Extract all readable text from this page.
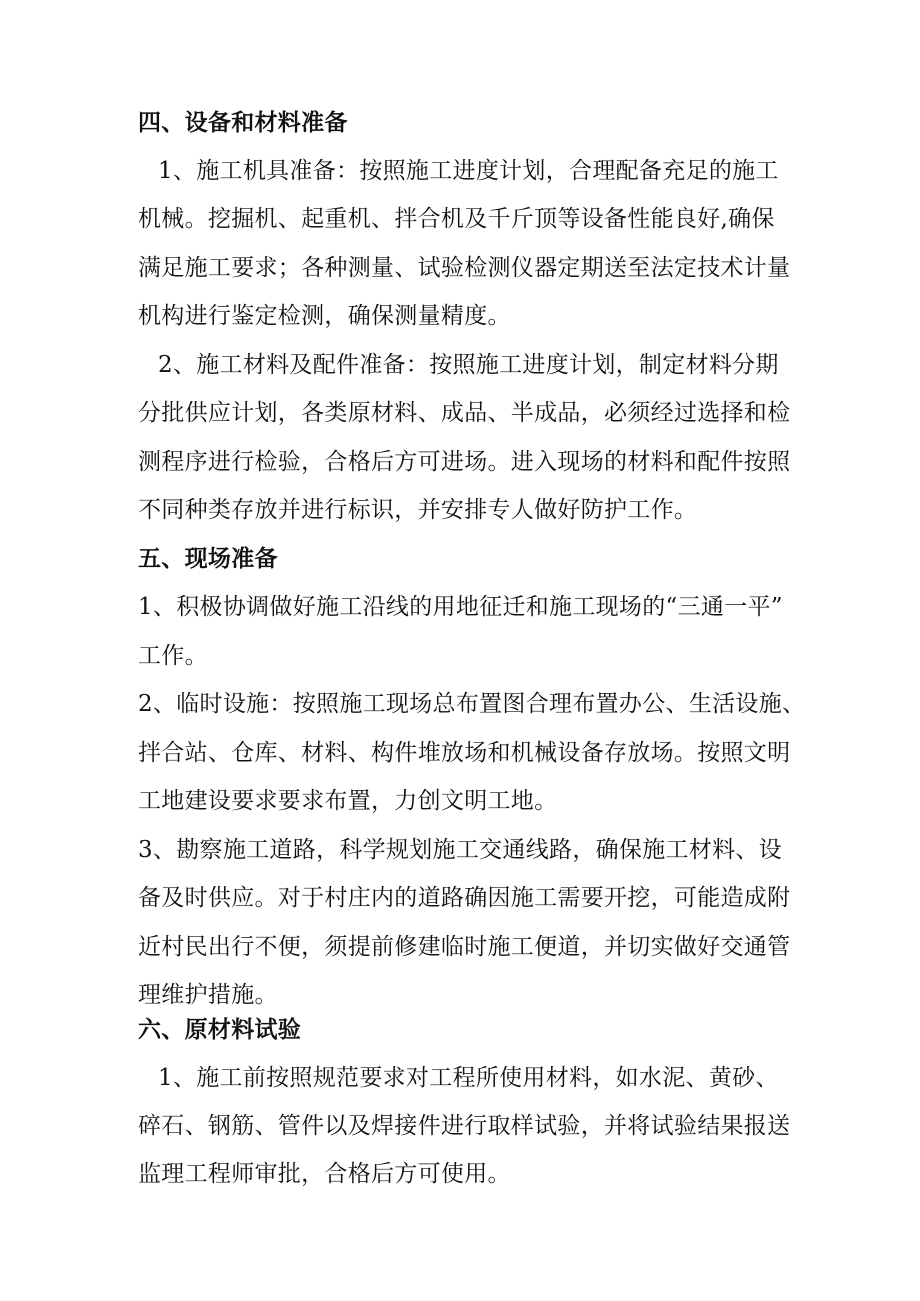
四、设备和材料准备
1、施工机具准备：按照施工进度计划，合理配备充足的施工
机械。挖掘机、起重机、拌合机及千斤顶等设备性能良好,确保
满足施工要求；各种测量、试验检测仪器定期送至法定技术计量
机构进行鉴定检测，确保测量精度。
2、施工材料及配件准备：按照施工进度计划，制定材料分期
分批供应计划，各类原材料、成品、半成品，必须经过选择和检
测程序进行检验，合格后方可进场。进入现场的材料和配件按照
不同种类存放并进行标识，并安排专人做好防护工作。
五、现场准备
1、积极协调做好施工沿线的用地征迁和施工现场的“三通一平”
工作。
2、临时设施：按照施工现场总布置图合理布置办公、生活设施、
拌合站、仓库、材料、构件堆放场和机械设备存放场。按照文明
工地建设要求要求布置，力创文明工地。
3、勘察施工道路，科学规划施工交通线路，确保施工材料、设
备及时供应。对于村庄内的道路确因施工需要开挖，可能造成附
近村民出行不便，须提前修建临时施工便道，并切实做好交通管
理维护措施。
六、原材料试验
1、施工前按照规范要求对工程所使用材料，如水泥、黄砂、
碎石、钢筋、管件以及焊接件进行取样试验，并将试验结果报送
监理工程师审批，合格后方可使用。
